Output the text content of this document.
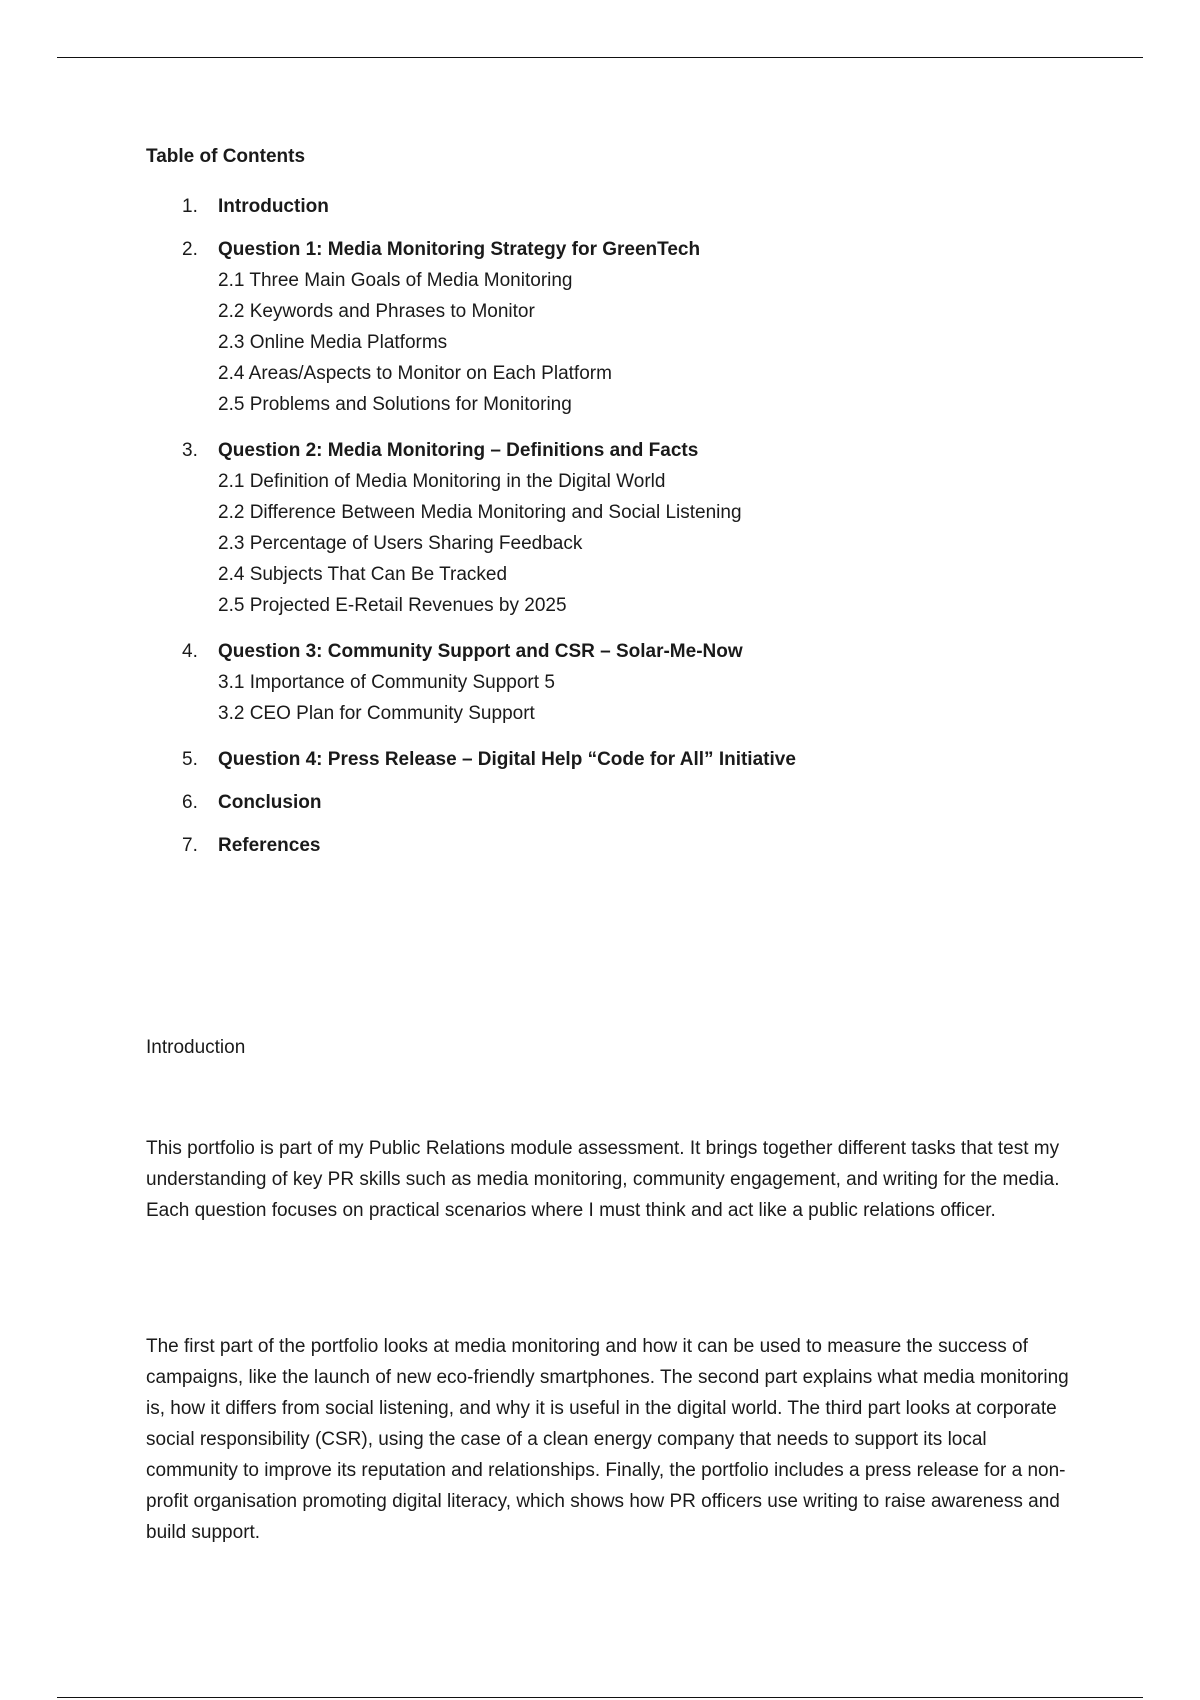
Table of Contents
1.	Introduction
2.	Question 1: Media Monitoring Strategy for GreenTech
2.1 Three Main Goals of Media Monitoring
2.2 Keywords and Phrases to Monitor
2.3 Online Media Platforms
2.4 Areas/Aspects to Monitor on Each Platform
2.5 Problems and Solutions for Monitoring
3.	Question 2: Media Monitoring – Definitions and Facts
2.1 Definition of Media Monitoring in the Digital World
2.2 Difference Between Media Monitoring and Social Listening
2.3 Percentage of Users Sharing Feedback
2.4 Subjects That Can Be Tracked
2.5 Projected E-Retail Revenues by 2025
4.	Question 3: Community Support and CSR – Solar-Me-Now
3.1 Importance of Community Support 5
3.2 CEO Plan for Community Support
5.	Question 4: Press Release – Digital Help “Code for All” Initiative
6.	Conclusion
7.	References
Introduction

This portfolio is part of my Public Relations module assessment. It brings together different tasks that test my understanding of key PR skills such as media monitoring, community engagement, and writing for the media. Each question focuses on practical scenarios where I must think and act like a public relations officer.

The first part of the portfolio looks at media monitoring and how it can be used to measure the success of campaigns, like the launch of new eco-friendly smartphones. The second part explains what media monitoring is, how it differs from social listening, and why it is useful in the digital world. The third part looks at corporate social responsibility (CSR), using the case of a clean energy company that needs to support its local community to improve its reputation and relationships. Finally, the portfolio includes a press release for a non-profit organisation promoting digital literacy, which shows how PR officers use writing to raise awareness and build support.
